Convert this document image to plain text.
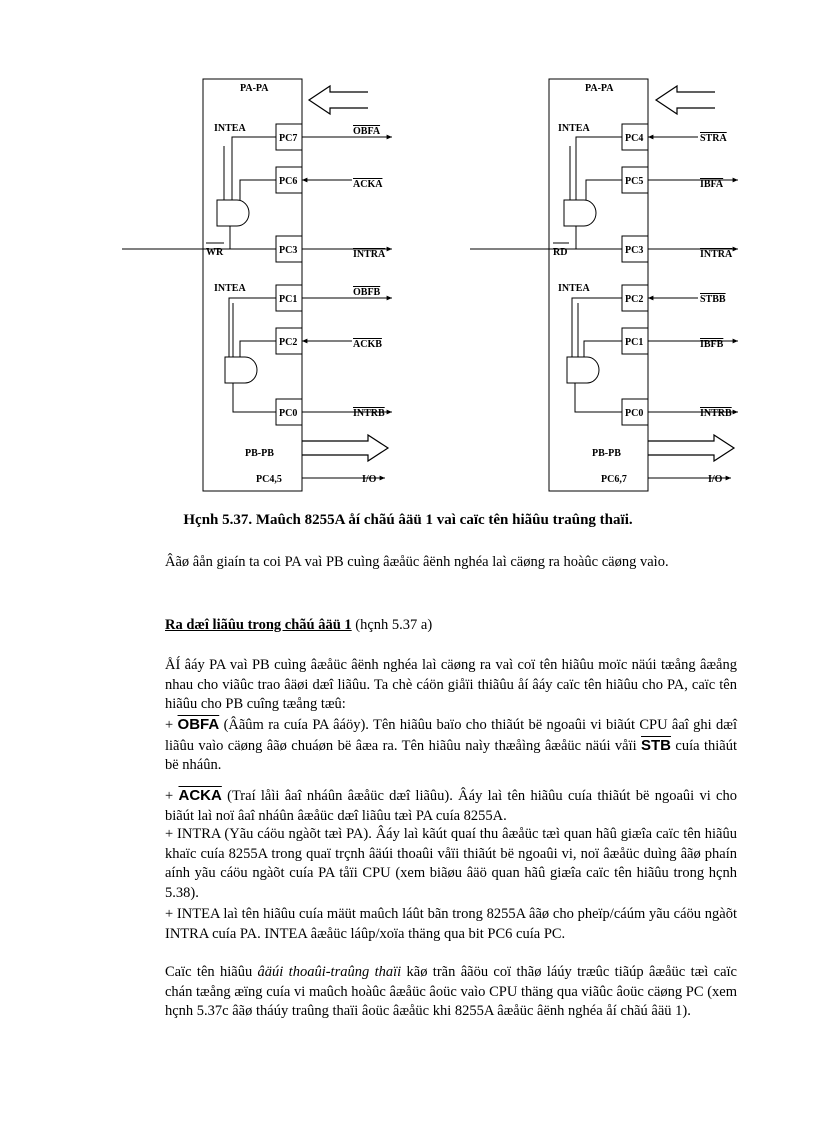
PA-PA
INTEA
INTEA
WR
PC7
PC6
PC3
PC1
PC2
PC0
OBFA
ACKA
INTRA
OBFB
ACKB
INTRB
PB-PB
PC4,5	I/O
PA-PA
INTEA
INTEA
RD
PC4
PC5
PC3
PC2
PC1
PC0
STRA
IBFA
INTRA
STBB
IBFB
INTRB
PB-PB
PC6,7	I/O
Hçnh 5.37. Maûch 8255A åí chãú âäü 1 vaì caïc tên hiãûu traûng thaïi.

Âãø âån giaín ta coi PA vaì PB cuìng âæåüc âënh nghéa laì cäøng ra hoàûc cäøng vaìo.

Ra dæî liãûu trong chãú âäü 1 (hçnh 5.37 a)

ÅÍ âáy PA vaì PB cuìng âæåüc âënh nghéa laì cäøng ra vaì coï tên hiãûu moïc näúi tæång âæång nhau cho viãûc trao âäøi dæî liãûu. Ta chè cáön giåïi thiãûu åí âáy caïc tên hiãûu cho PA, caïc tên hiãûu cho PB cuîng tæång tæû:

+ OBFA (Âãûm ra cuía PA âáöy). Tên hiãûu baïo cho thiãút bë ngoaûi vi biãút CPU âaî ghi dæî liãûu vaìo cäøng âãø chuáøn bë âæa ra. Tên hiãûu naìy thæåìng âæåüc näúi våïi $\overline{STB}$ cuía thiãút bë nháûn.

+ ACKA (Traí låìi âaî nháûn âæåüc dæî liãûu). Âáy laì tên hiãûu cuía thiãút bë ngoaûi vi cho biãút laì noï âaî nháûn âæåüc dæî liãûu tæì PA cuía 8255A.

+ INTRA (Yãu cáöu ngàõt tæì PA). Âáy laì kãút quaí thu âæåüc tæì quan hãû giæîa caïc tên hiãûu khaïc cuía 8255A trong quaï trçnh âäúi thoaûi våïi thiãút bë ngoaûi vi, noï âæåüc duìng âãø phaín aính yãu cáöu ngàõt cuía PA tåïi CPU (xem biãøu âäö quan hãû giæîa caïc tên hiãûu trong hçnh 5.38).

+ INTEA laì tên hiãûu cuía mäüt maûch láût bãn trong 8255A âãø cho pheïp/cáúm yãu cáöu ngàõt INTRA cuía PA. INTEA âæåüc láûp/xoïa thäng qua bit PC6 cuía PC.

Caïc tên hiãûu âäúi thoaûi-traûng thaïi kãø trãn âãöu coï thãø láúy træûc tiãúp âæåüc tæì caïc chán tæång æïng cuía vi maûch hoàûc âæåüc âoüc vaìo CPU thäng qua viãûc âoüc cäøng PC (xem hçnh 5.37c âãø tháúy traûng thaïi âoüc âæåüc khi 8255A âæåüc âënh nghéa åí chãú âäü 1).
